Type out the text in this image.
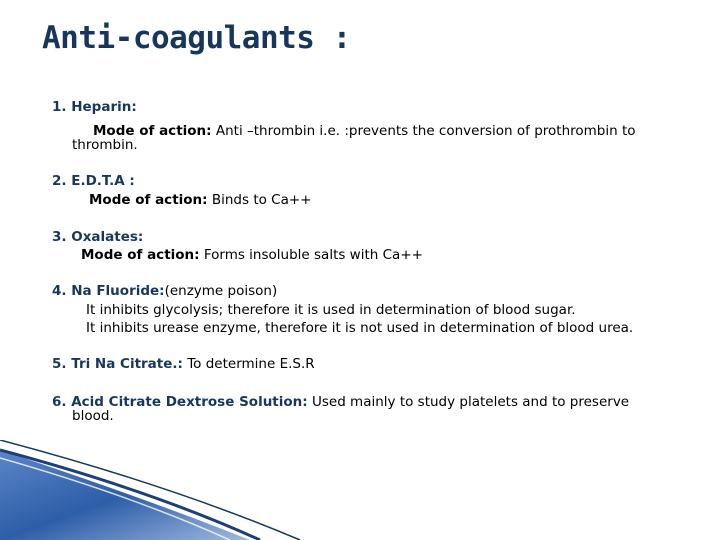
Anti-coagulants :
1. Heparin:
Mode of action: Anti –thrombin i.e. :prevents the conversion of prothrombin to
thrombin.
2. E.D.T.A :
Mode of action: Binds to Ca++
3. Oxalates:
Mode of action: Forms insoluble salts with Ca++
4. Na Fluoride:(enzyme poison)
It inhibits glycolysis; therefore it is used in determination of blood sugar.
It inhibits urease enzyme, therefore it is not used in determination of blood urea.
5. Tri Na Citrate.: To determine E.S.R
6. Acid Citrate Dextrose Solution: Used mainly to study platelets and to preserve
blood.
